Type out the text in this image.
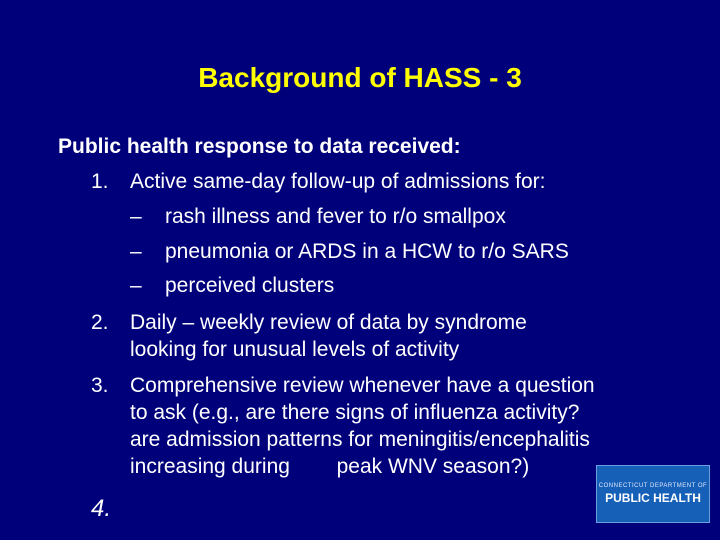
Background of HASS - 3
Public health response to data received:
1. Active same-day follow-up of admissions for:
– rash illness and fever to r/o smallpox
– pneumonia or ARDS in a HCW to r/o SARS
– perceived clusters
2. Daily – weekly review of data by syndrome
looking for unusual levels of activity
3. Comprehensive review whenever have a question
to ask (e.g., are there signs of influenza activity?
are admission patterns for meningitis/encephalitis
increasing during        peak WNV season?)
4.
CONNECTICUT DEPARTMENT OF
PUBLIC HEALTH
